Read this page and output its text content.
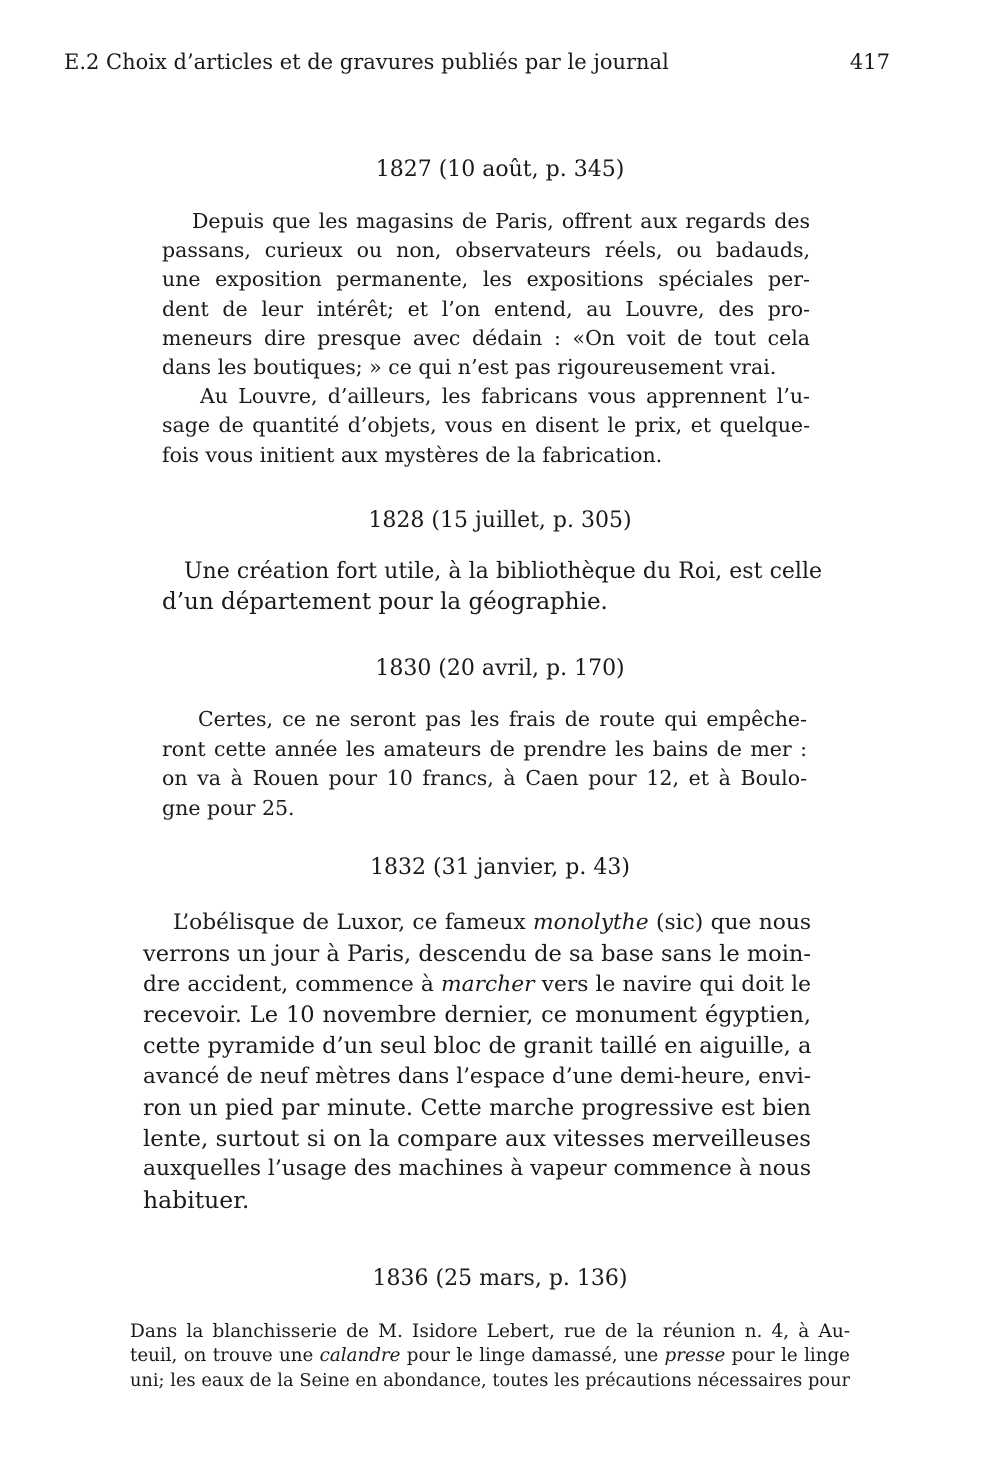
E.2 Choix d’articles et de gravures publiés par le journal	417
1827 (10 août, p. 345)
Depuis que les magasins de Paris, offrent aux regards des
passans, curieux ou non, observateurs réels, ou badauds,
une exposition permanente, les expositions spéciales per-
dent de leur intérêt; et l’on entend, au Louvre, des pro-
meneurs dire presque avec dédain : «On voit de tout cela
dans les boutiques; » ce qui n’est pas rigoureusement vrai.
Au Louvre, d’ailleurs, les fabricans vous apprennent l’u-
sage de quantité d’objets, vous en disent le prix, et quelque-
fois vous initient aux mystères de la fabrication.
1828 (15 juillet, p. 305)
Une création fort utile, à la bibliothèque du Roi, est celle
d’un département pour la géographie.
1830 (20 avril, p. 170)
Certes, ce ne seront pas les frais de route qui empêche-
ront cette année les amateurs de prendre les bains de mer :
on va à Rouen pour 10 francs, à Caen pour 12, et à Boulo-
gne pour 25.
1832 (31 janvier, p. 43)
L’obélisque de Luxor, ce fameux monolythe (sic) que nous
verrons un jour à Paris, descendu de sa base sans le moin-
dre accident, commence à marcher vers le navire qui doit le
recevoir. Le 10 novembre dernier, ce monument égyptien,
cette pyramide d’un seul bloc de granit taillé en aiguille, a
avancé de neuf mètres dans l’espace d’une demi-heure, envi-
ron un pied par minute. Cette marche progressive est bien
lente, surtout si on la compare aux vitesses merveilleuses
auxquelles l’usage des machines à vapeur commence à nous
habituer.
1836 (25 mars, p. 136)
Dans la blanchisserie de M. Isidore Lebert, rue de la réunion n. 4, à Au-
teuil, on trouve une calandre pour le linge damassé, une presse pour le linge
uni; les eaux de la Seine en abondance, toutes les précautions nécessaires pour
